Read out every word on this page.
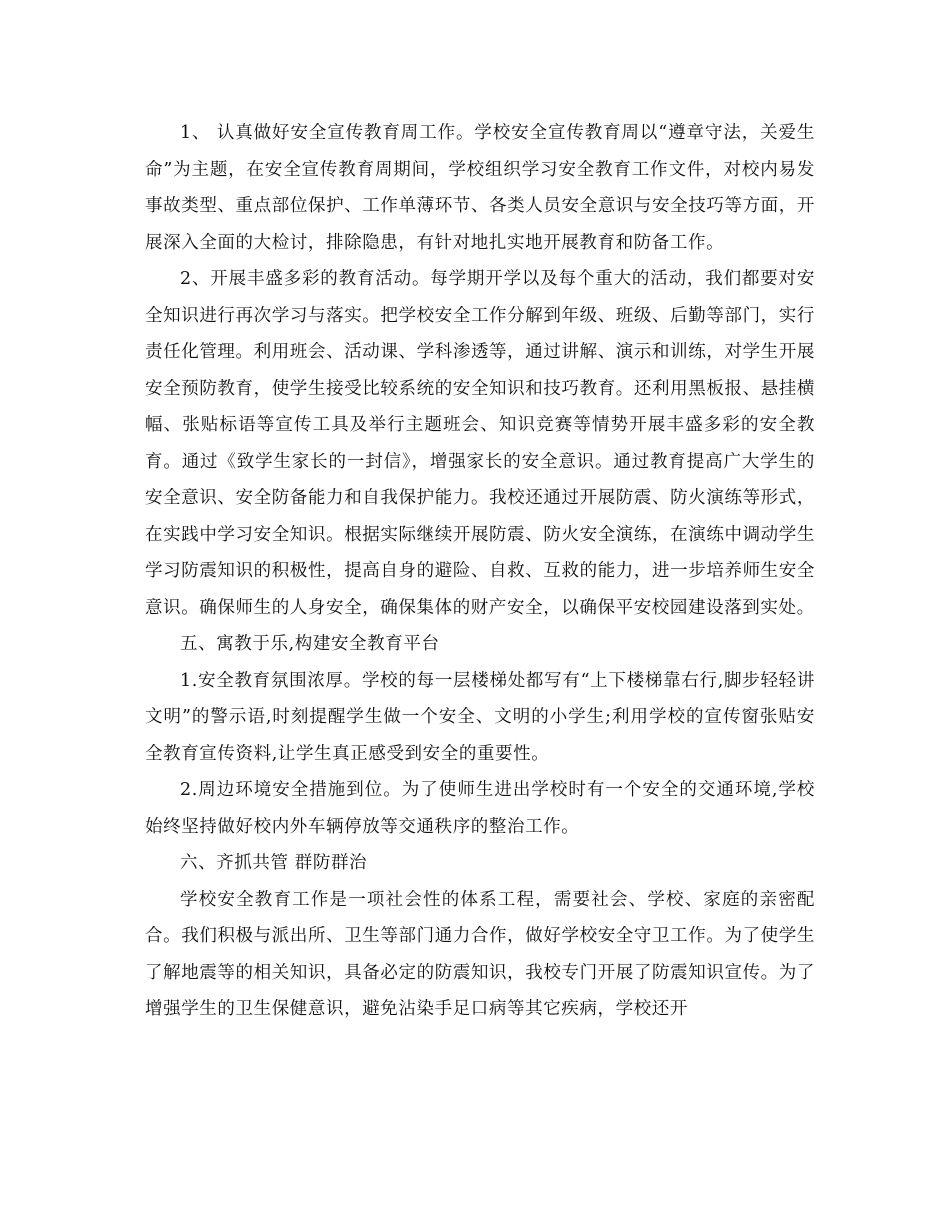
1、 认真做好安全宣传教育周工作。学校安全宣传教育周以“遵章守法，关爱生命”为主题，在安全宣传教育周期间，学校组织学习安全教育工作文件，对校内易发事故类型、重点部位保护、工作单薄环节、各类人员安全意识与安全技巧等方面，开展深入全面的大检讨，排除隐患，有针对地扎实地开展教育和防备工作。

2、开展丰盛多彩的教育活动。每学期开学以及每个重大的活动，我们都要对安全知识进行再次学习与落实。把学校安全工作分解到年级、班级、后勤等部门，实行责任化管理。利用班会、活动课、学科渗透等，通过讲解、演示和训练，对学生开展安全预防教育，使学生接受比较系统的安全知识和技巧教育。还利用黑板报、悬挂横幅、张贴标语等宣传工具及举行主题班会、知识竞赛等情势开展丰盛多彩的安全教育。通过《致学生家长的一封信》，增强家长的安全意识。通过教育提高广大学生的安全意识、安全防备能力和自我保护能力。我校还通过开展防震、防火演练等形式，在实践中学习安全知识。根据实际继续开展防震、防火安全演练，在演练中调动学生学习防震知识的积极性，提高自身的避险、自救、互救的能力，进一步培养师生安全意识。确保师生的人身安全，确保集体的财产安全，以确保平安校园建设落到实处。

五、寓教于乐,构建安全教育平台

1.安全教育氛围浓厚。学校的每一层楼梯处都写有“上下楼梯靠右行,脚步轻轻讲文明”的警示语,时刻提醒学生做一个安全、文明的小学生;利用学校的宣传窗张贴安全教育宣传资料,让学生真正感受到安全的重要性。

2.周边环境安全措施到位。为了使师生进出学校时有一个安全的交通环境,学校始终坚持做好校内外车辆停放等交通秩序的整治工作。

六、齐抓共管 群防群治

学校安全教育工作是一项社会性的体系工程，需要社会、学校、家庭的亲密配合。我们积极与派出所、卫生等部门通力合作，做好学校安全守卫工作。为了使学生了解地震等的相关知识，具备必定的防震知识，我校专门开展了防震知识宣传。为了增强学生的卫生保健意识，避免沾染手足口病等其它疾病，学校还开
